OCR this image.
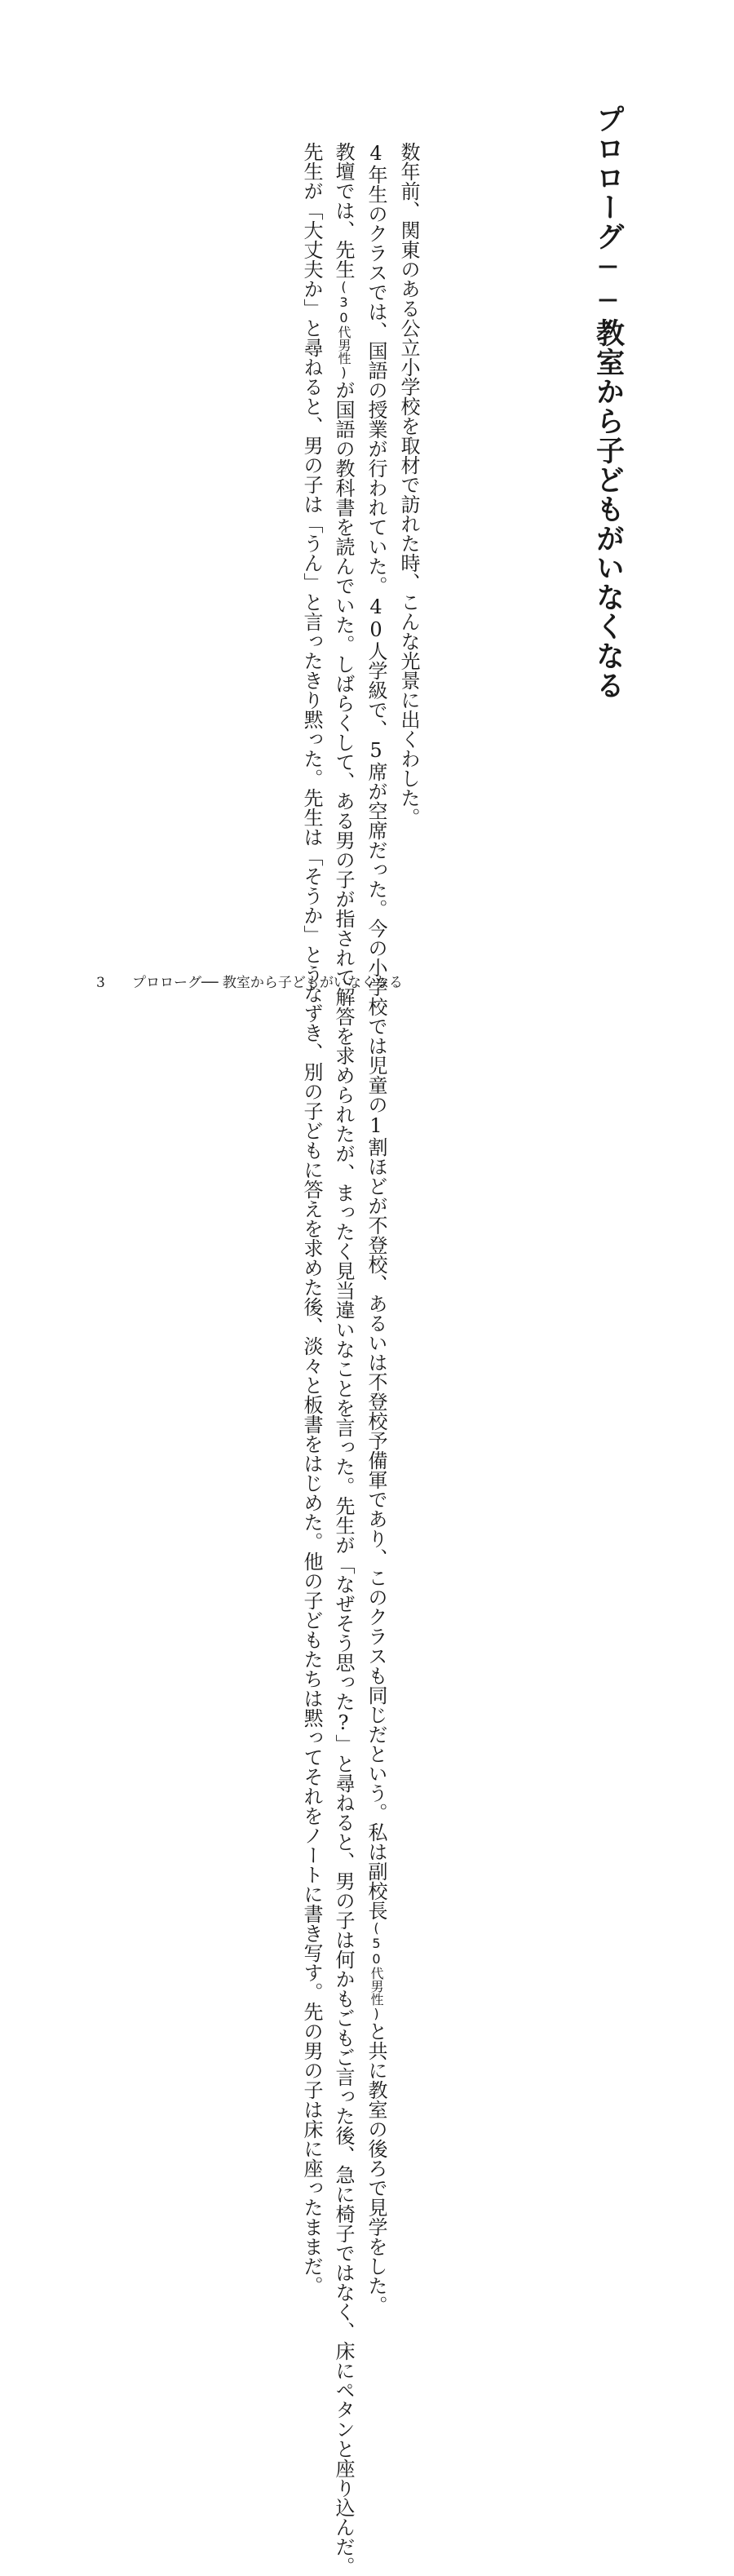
プロローグ──教室から子どもがいなくなる

数年前、関東のある公立小学校を取材で訪れた時、こんな光景に出くわした。

4年生のクラスでは、国語の授業が行われていた。40人学級で、5席が空席だった。今の小学校では児童の1割ほどが不登校、あるいは不登校予備軍であり、このクラスも同じだという。私は副校長(50代男性)と共に教室の後ろで見学をした。

教壇では、先生(30代男性)が国語の教科書を読んでいた。しばらくして、ある男の子が指されて解答を求められたが、まったく見当違いなことを言った。先生が「なぜそう思った?」と尋ねると、男の子は何かもごもご言った後、急に椅子ではなく、床にペタンと座り込んだ。

先生が「大丈夫か」と尋ねると、男の子は「うん」と言ったきり黙った。先生は「そうか」とうなずき、別の子どもに答えを求めた後、淡々と板書をはじめた。他の子どもたちは黙ってそれをノートに書き写す。先の男の子は床に座ったままだ。

3 プロローグ── 教室から子どもがいなくなる
